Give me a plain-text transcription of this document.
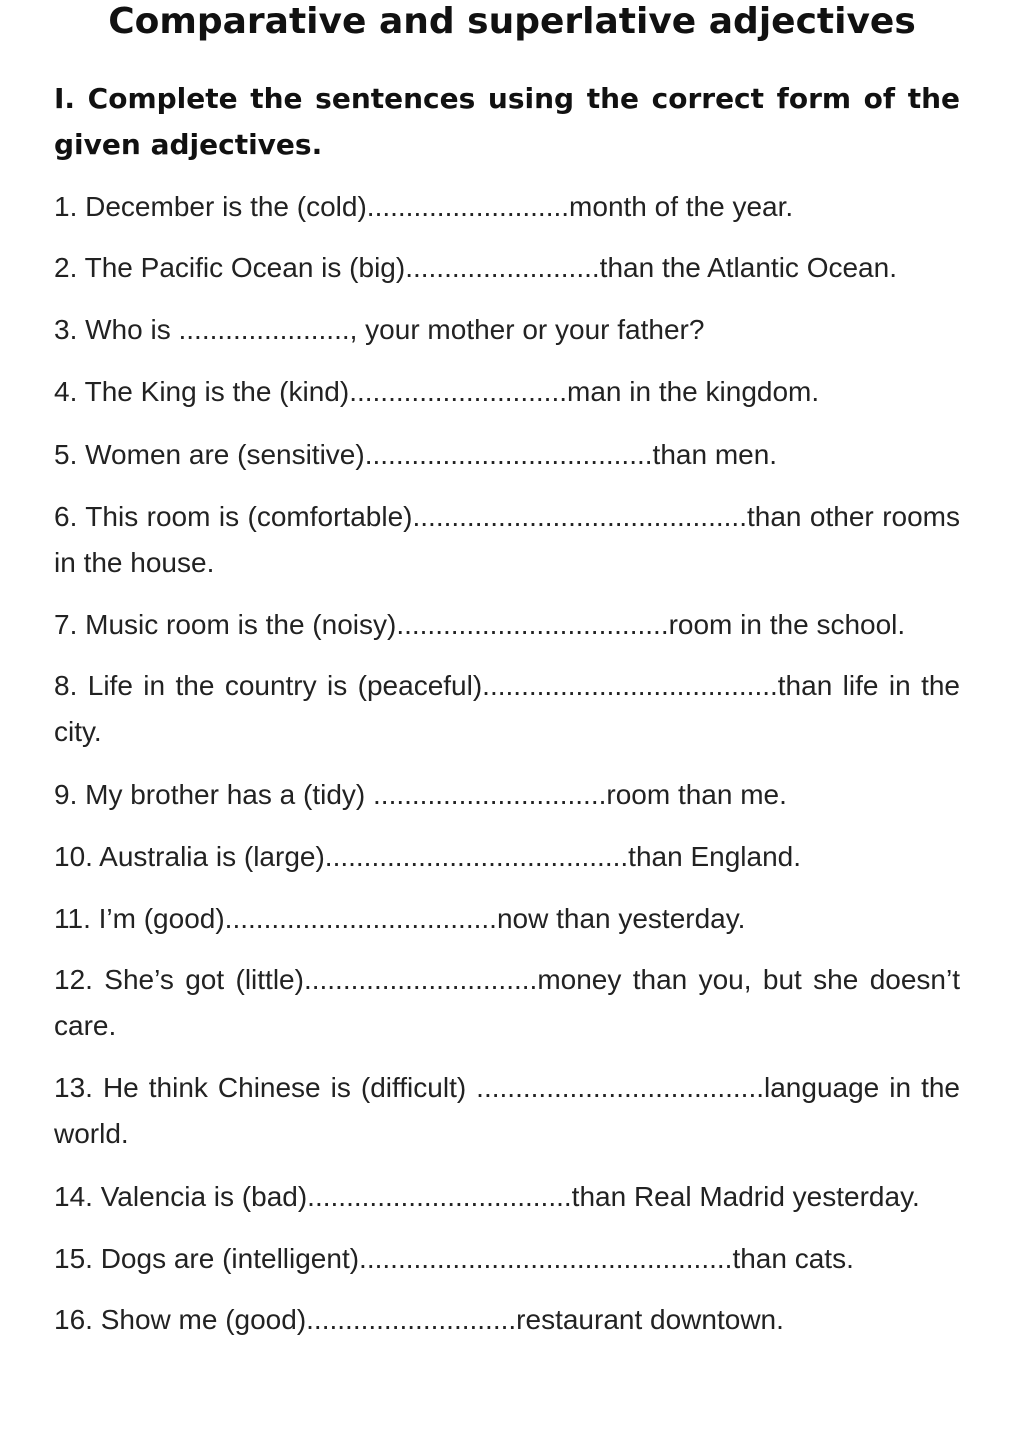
Comparative and superlative adjectives
I. Complete the sentences using the correct form of the given adjectives.

1. December is the (cold)..........................month of the year.

2. The Pacific Ocean is (big).........................than the Atlantic Ocean.

3. Who is ......................, your mother or your father?

4. The King is the (kind)............................man in the kingdom.

5. Women are (sensitive).....................................than men.

6. This room is (comfortable)...........................................than other rooms in the house.

7. Music room is the (noisy)...................................room in the school.

8. Life in the country is (peaceful)......................................than life in the city.

9. My brother has a (tidy) ..............................room than me.

10. Australia is (large).......................................than England.

11. I’m (good)...................................now than yesterday.

12. She’s got (little)..............................money than you, but she doesn’t care.

13. He think Chinese is (difficult) .....................................language in the world.

14. Valencia is (bad)..................................than Real Madrid yesterday.

15. Dogs are (intelligent)................................................than cats.

16. Show me (good)...........................restaurant downtown.
